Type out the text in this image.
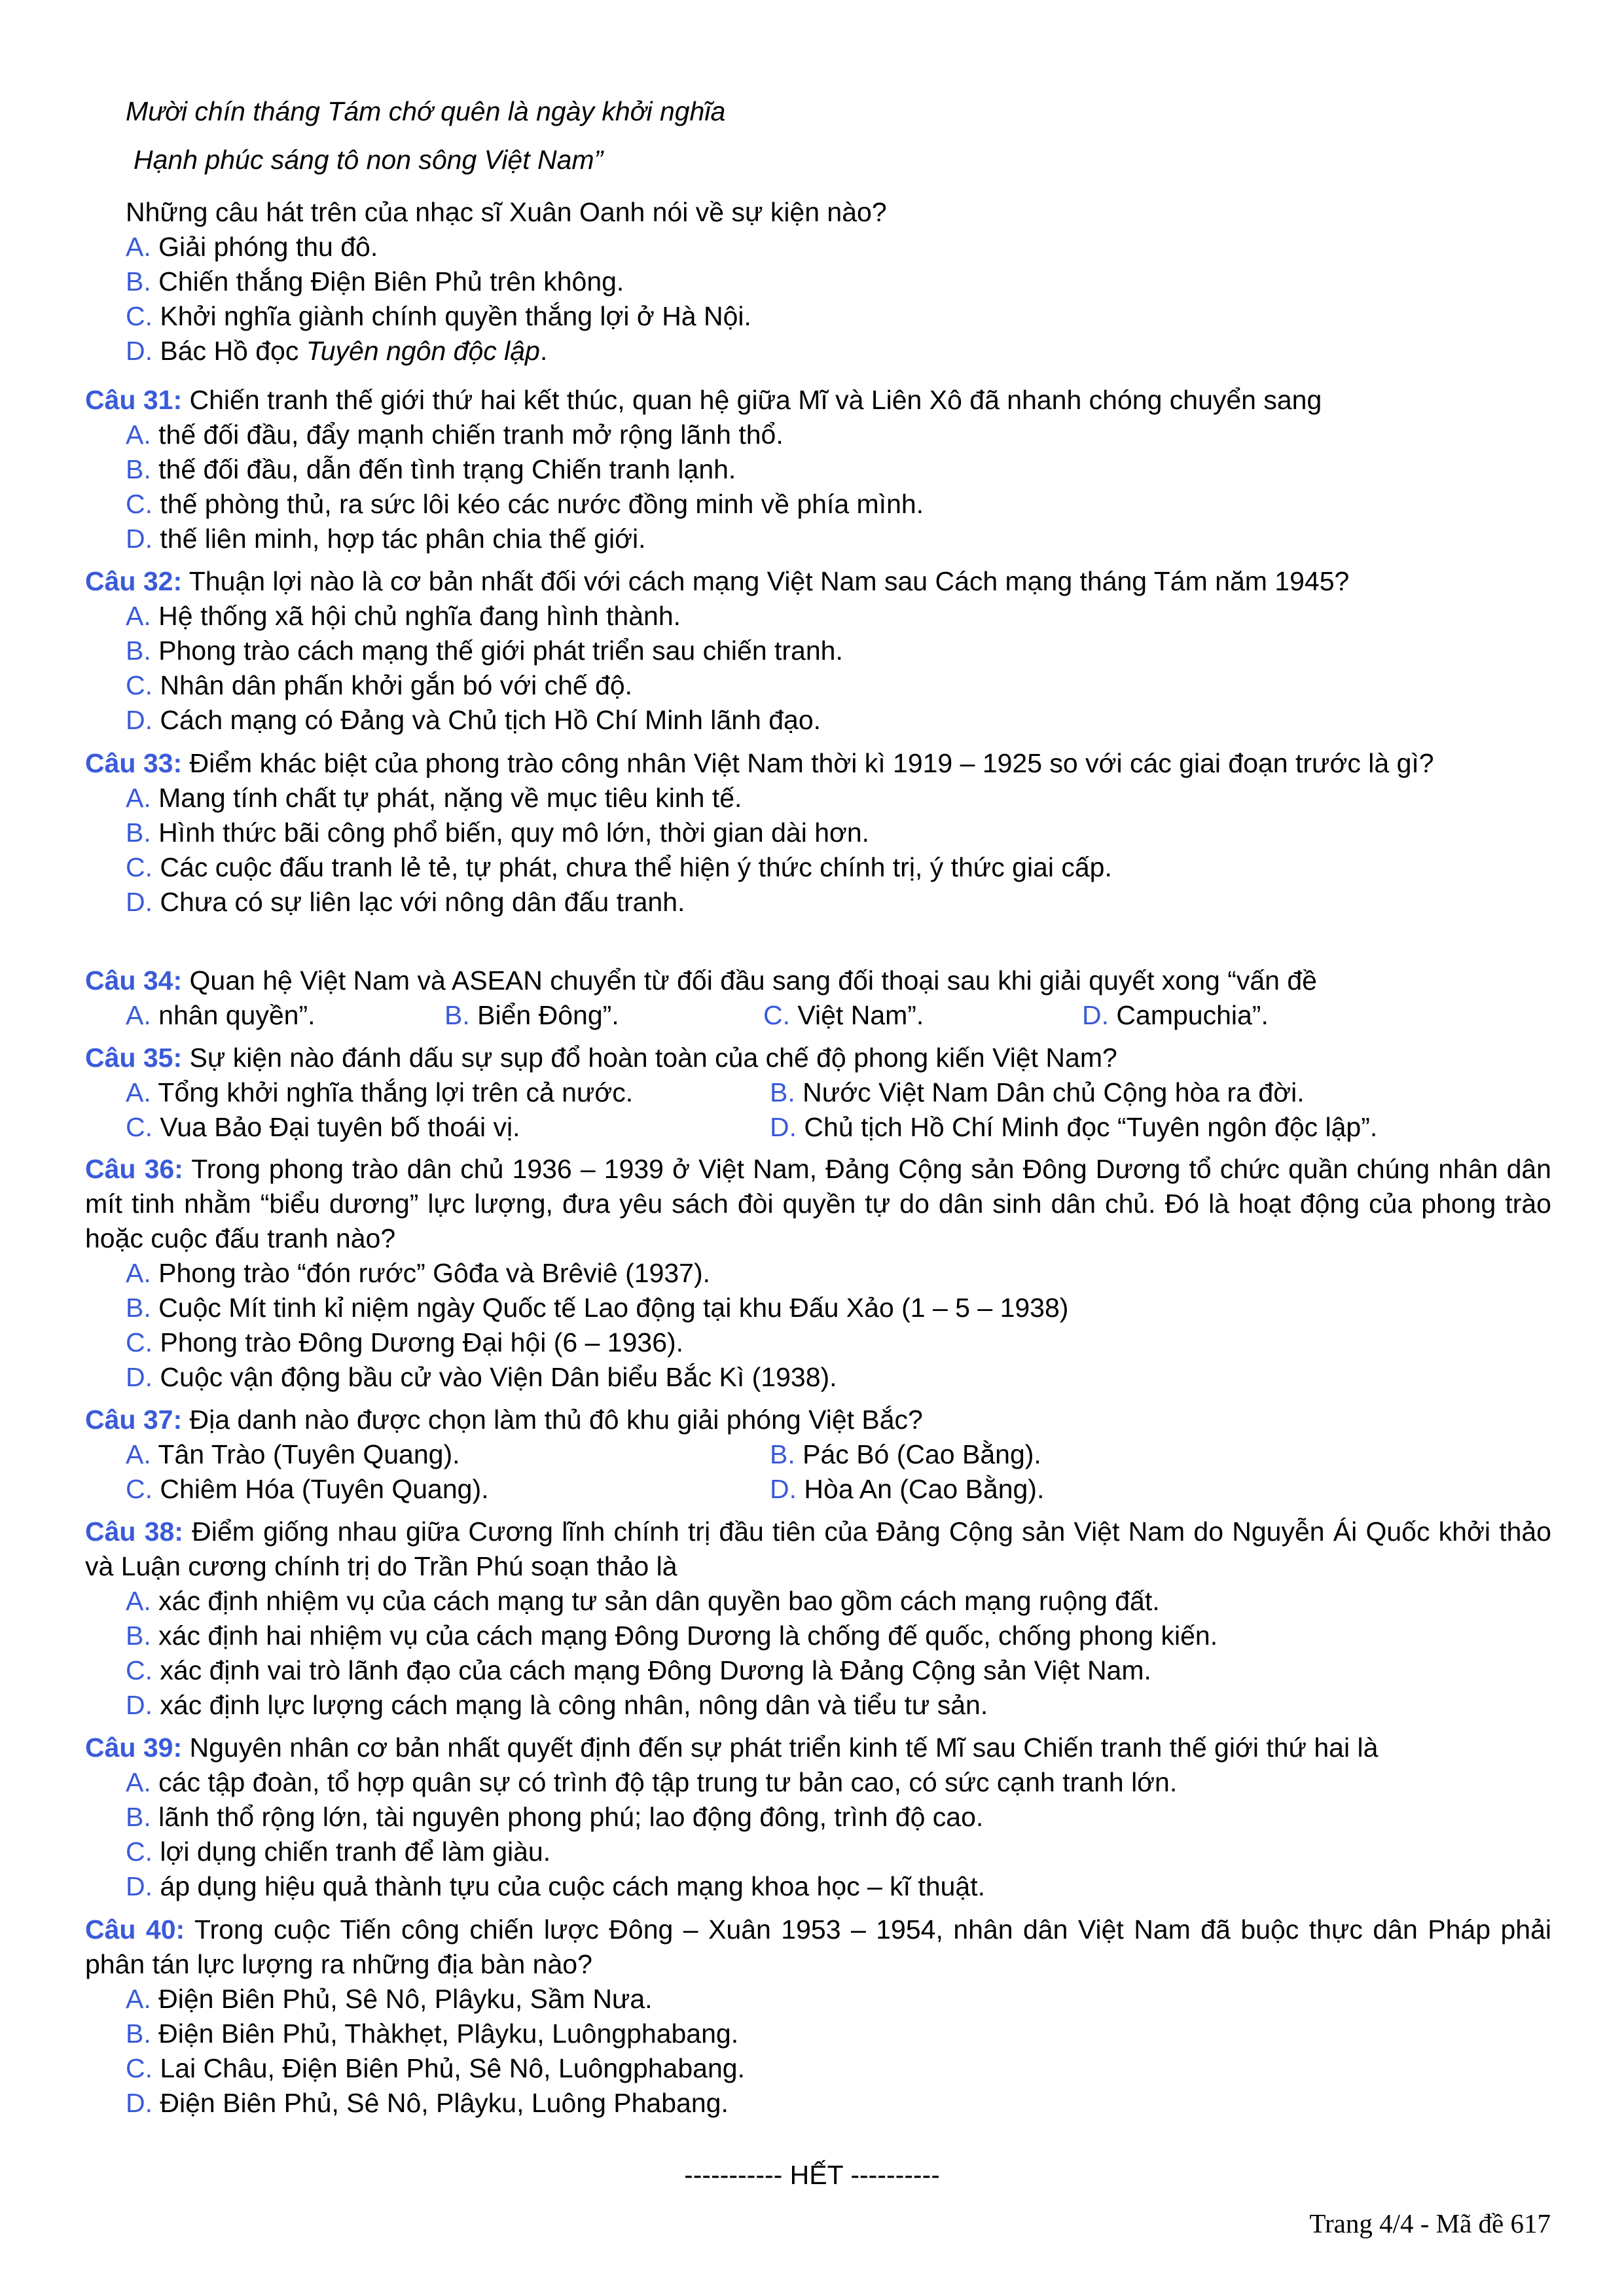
Mười chín tháng Tám chớ quên là ngày khởi nghĩa
Hạnh phúc sáng tô non sông Việt Nam”
Những câu hát trên của nhạc sĩ Xuân Oanh nói về sự kiện nào?
A. Giải phóng thu đô.
B. Chiến thắng Điện Biên Phủ trên không.
C. Khởi nghĩa giành chính quyền thắng lợi ở Hà Nội.
D. Bác Hồ đọc Tuyên ngôn độc lập.
Câu 31: Chiến tranh thế giới thứ hai kết thúc, quan hệ giữa Mĩ và Liên Xô đã nhanh chóng chuyển sang
A. thế đối đầu, đẩy mạnh chiến tranh mở rộng lãnh thổ.
B. thế đối đầu, dẫn đến tình trạng Chiến tranh lạnh.
C. thế phòng thủ, ra sức lôi kéo các nước đồng minh về phía mình.
D. thế liên minh, hợp tác phân chia thế giới.
Câu 32: Thuận lợi nào là cơ bản nhất đối với cách mạng Việt Nam sau Cách mạng tháng Tám năm 1945?
A. Hệ thống xã hội chủ nghĩa đang hình thành.
B. Phong trào cách mạng thế giới phát triển sau chiến tranh.
C. Nhân dân phấn khởi gắn bó với chế độ.
D. Cách mạng có Đảng và Chủ tịch Hồ Chí Minh lãnh đạo.
Câu 33: Điểm khác biệt của phong trào công nhân Việt Nam thời kì 1919 – 1925 so với các giai đoạn trước là gì?
A. Mang tính chất tự phát, nặng về mục tiêu kinh tế.
B. Hình thức bãi công phổ biến, quy mô lớn, thời gian dài hơn.
C. Các cuộc đấu tranh lẻ tẻ, tự phát, chưa thể hiện ý thức chính trị, ý thức giai cấp.
D. Chưa có sự liên lạc với nông dân đấu tranh.
Câu 34: Quan hệ Việt Nam và ASEAN chuyển từ đối đầu sang đối thoại sau khi giải quyết xong “vấn đề
A. nhân quyền”.	B. Biển Đông”.	C. Việt Nam”.	D. Campuchia”.
Câu 35: Sự kiện nào đánh dấu sự sụp đổ hoàn toàn của chế độ phong kiến Việt Nam?
A. Tổng khởi nghĩa thắng lợi trên cả nước.	B. Nước Việt Nam Dân chủ Cộng hòa ra đời.
C. Vua Bảo Đại tuyên bố thoái vị.	D. Chủ tịch Hồ Chí Minh đọc “Tuyên ngôn độc lập”.
Câu 36: Trong phong trào dân chủ 1936 – 1939 ở Việt Nam, Đảng Cộng sản Đông Dương tổ chức quần chúng nhân dân mít tinh nhằm “biểu dương” lực lượng, đưa yêu sách đòi quyền tự do dân sinh dân chủ. Đó là hoạt động của phong trào hoặc cuộc đấu tranh nào?
A. Phong trào “đón rước” Gôđa và Brêviê (1937).
B. Cuộc Mít tinh kỉ niệm ngày Quốc tế Lao động tại khu Đấu Xảo (1 – 5 – 1938)
C. Phong trào Đông Dương Đại hội (6 – 1936).
D. Cuộc vận động bầu cử vào Viện Dân biểu Bắc Kì (1938).
Câu 37: Địa danh nào được chọn làm thủ đô khu giải phóng Việt Bắc?
A. Tân Trào (Tuyên Quang).	B. Pác Bó (Cao Bằng).
C. Chiêm Hóa (Tuyên Quang).	D. Hòa An (Cao Bằng).
Câu 38: Điểm giống nhau giữa Cương lĩnh chính trị đầu tiên của Đảng Cộng sản Việt Nam do Nguyễn Ái Quốc khởi thảo và Luận cương chính trị do Trần Phú soạn thảo là
A. xác định nhiệm vụ của cách mạng tư sản dân quyền bao gồm cách mạng ruộng đất.
B. xác định hai nhiệm vụ của cách mạng Đông Dương là chống đế quốc, chống phong kiến.
C. xác định vai trò lãnh đạo của cách mạng Đông Dương là Đảng Cộng sản Việt Nam.
D. xác định lực lượng cách mạng là công nhân, nông dân và tiểu tư sản.
Câu 39: Nguyên nhân cơ bản nhất quyết định đến sự phát triển kinh tế Mĩ sau Chiến tranh thế giới thứ hai là
A. các tập đoàn, tổ hợp quân sự có trình độ tập trung tư bản cao, có sức cạnh tranh lớn.
B. lãnh thổ rộng lớn, tài nguyên phong phú; lao động đông, trình độ cao.
C. lợi dụng chiến tranh để làm giàu.
D. áp dụng hiệu quả thành tựu của cuộc cách mạng khoa học – kĩ thuật.
Câu 40: Trong cuộc Tiến công chiến lược Đông – Xuân 1953 – 1954, nhân dân Việt Nam đã buộc thực dân Pháp phải phân tán lực lượng ra những địa bàn nào?
A. Điện Biên Phủ, Sê Nô, Plâyku, Sầm Nưa.
B. Điện Biên Phủ, Thàkhẹt, Plâyku, Luôngphabang.
C. Lai Châu, Điện Biên Phủ, Sê Nô, Luôngphabang.
D. Điện Biên Phủ, Sê Nô, Plâyku, Luông Phabang.
----------- HẾT ----------
Trang 4/4 - Mã đề 617
